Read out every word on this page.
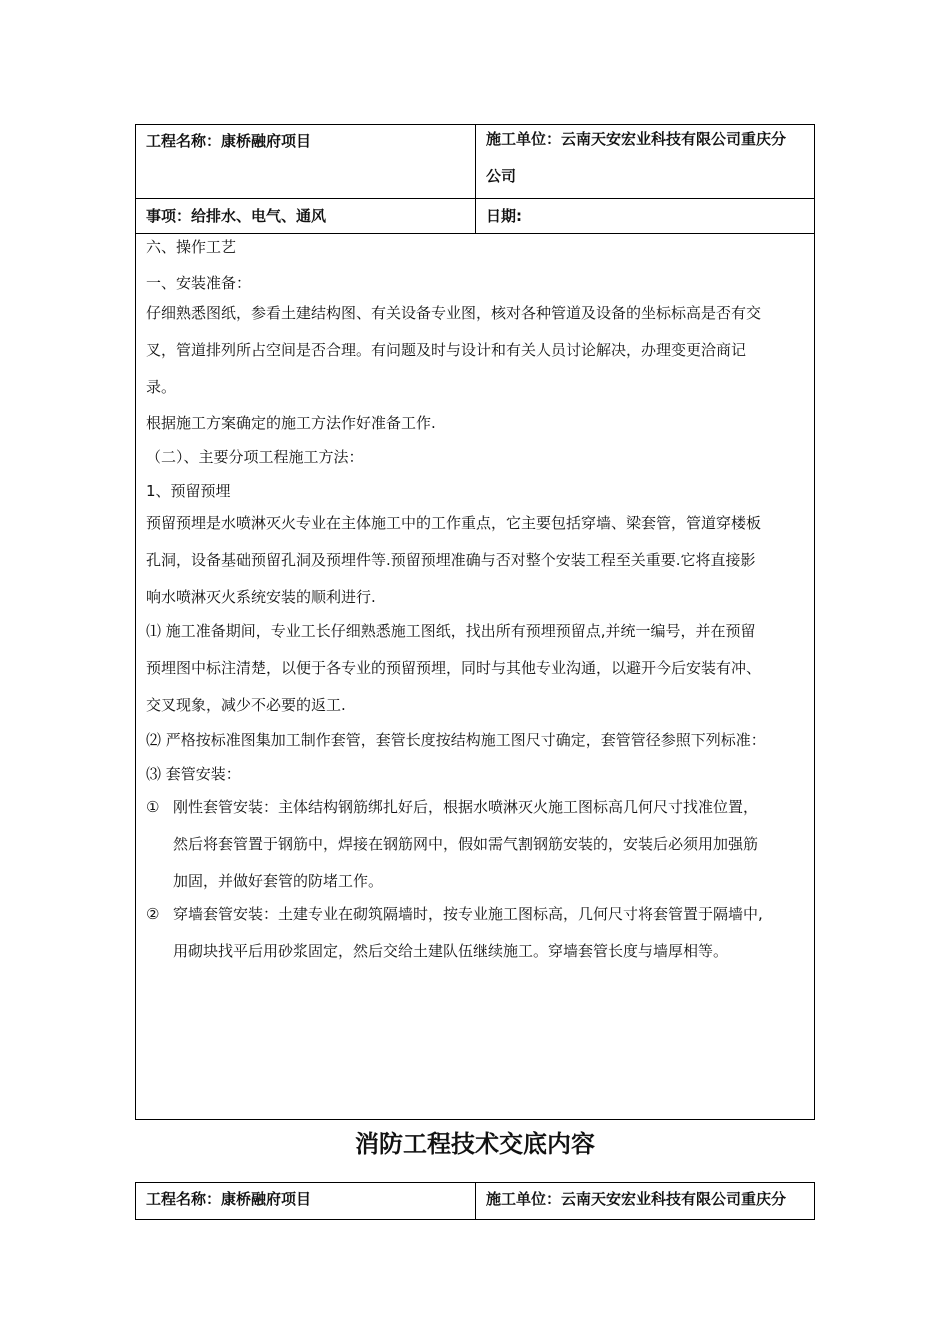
工程名称：康桥融府项目	施工单位：云南天安宏业科技有限公司重庆分
公司
事项：给排水、电气、通风	日期:
六、操作工艺
一、安装准备：
仔细熟悉图纸，参看土建结构图、有关设备专业图，核对各种管道及设备的坐标标高是否有交
叉，管道排列所占空间是否合理。有问题及时与设计和有关人员讨论解决，办理变更洽商记
录。
根据施工方案确定的施工方法作好准备工作.
（二）、主要分项工程施工方法：
1、预留预埋
预留预埋是水喷淋灭火专业在主体施工中的工作重点，它主要包括穿墙、梁套管，管道穿楼板
孔洞，设备基础预留孔洞及预埋件等.预留预埋准确与否对整个安装工程至关重要.它将直接影
响水喷淋灭火系统安装的顺利进行.
⑴ 施工准备期间，专业工长仔细熟悉施工图纸，找出所有预埋预留点,并统一编号，并在预留
预埋图中标注清楚，以便于各专业的预留预埋，同时与其他专业沟通，以避开今后安装有冲、
交叉现象，减少不必要的返工.
⑵ 严格按标准图集加工制作套管，套管长度按结构施工图尺寸确定，套管管径参照下列标准：
⑶ 套管安装：
① 刚性套管安装：主体结构钢筋绑扎好后，根据水喷淋灭火施工图标高几何尺寸找准位置，
然后将套管置于钢筋中，焊接在钢筋网中，假如需气割钢筋安装的，安装后必须用加强筋
加固，并做好套管的防堵工作。
② 穿墙套管安装：土建专业在砌筑隔墙时，按专业施工图标高，几何尺寸将套管置于隔墙中,
用砌块找平后用砂浆固定，然后交给土建队伍继续施工。穿墙套管长度与墙厚相等。
消防工程技术交底内容
工程名称：康桥融府项目	施工单位：云南天安宏业科技有限公司重庆分
